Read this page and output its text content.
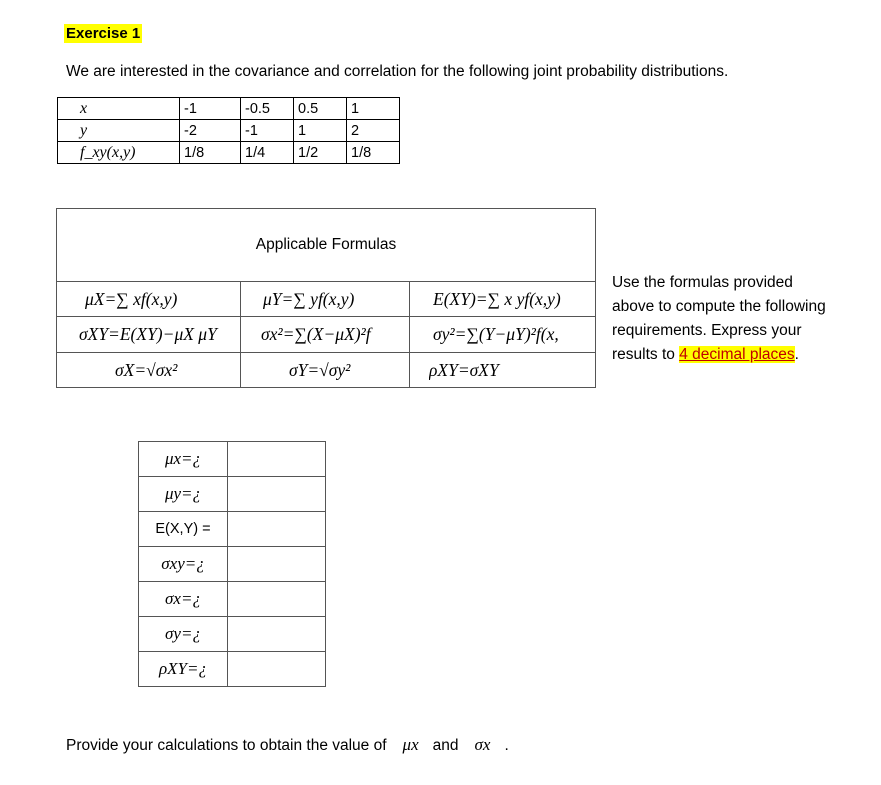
Exercise 1
We are interested in the covariance and correlation for the following joint probability distributions.
x	-1	-0.5	0.5	1
y	-2	-1	1	2
f_xy(x,y)	1/8	1/4	1/2	1/8
Applicable Formulas
μX=∑ xf(x,y)	μY=∑ yf(x,y)	E(XY)=∑ x yf(x,y)
σXY=E(XY)−μX μY	σx²=∑(X−μX)²f	σy²=∑(Y−μY)²f(x,
σX=√σx²	σY=√σy²	ρXY=σXY
Use the formulas provided above to compute the following requirements. Express your results to 4 decimal places.
μx=¿	
μy=¿	
E(X,Y) =	
σxy=¿	
σx=¿	
σy=¿	
ρXY=¿	
Provide your calculations to obtain the value of μx and σx .
